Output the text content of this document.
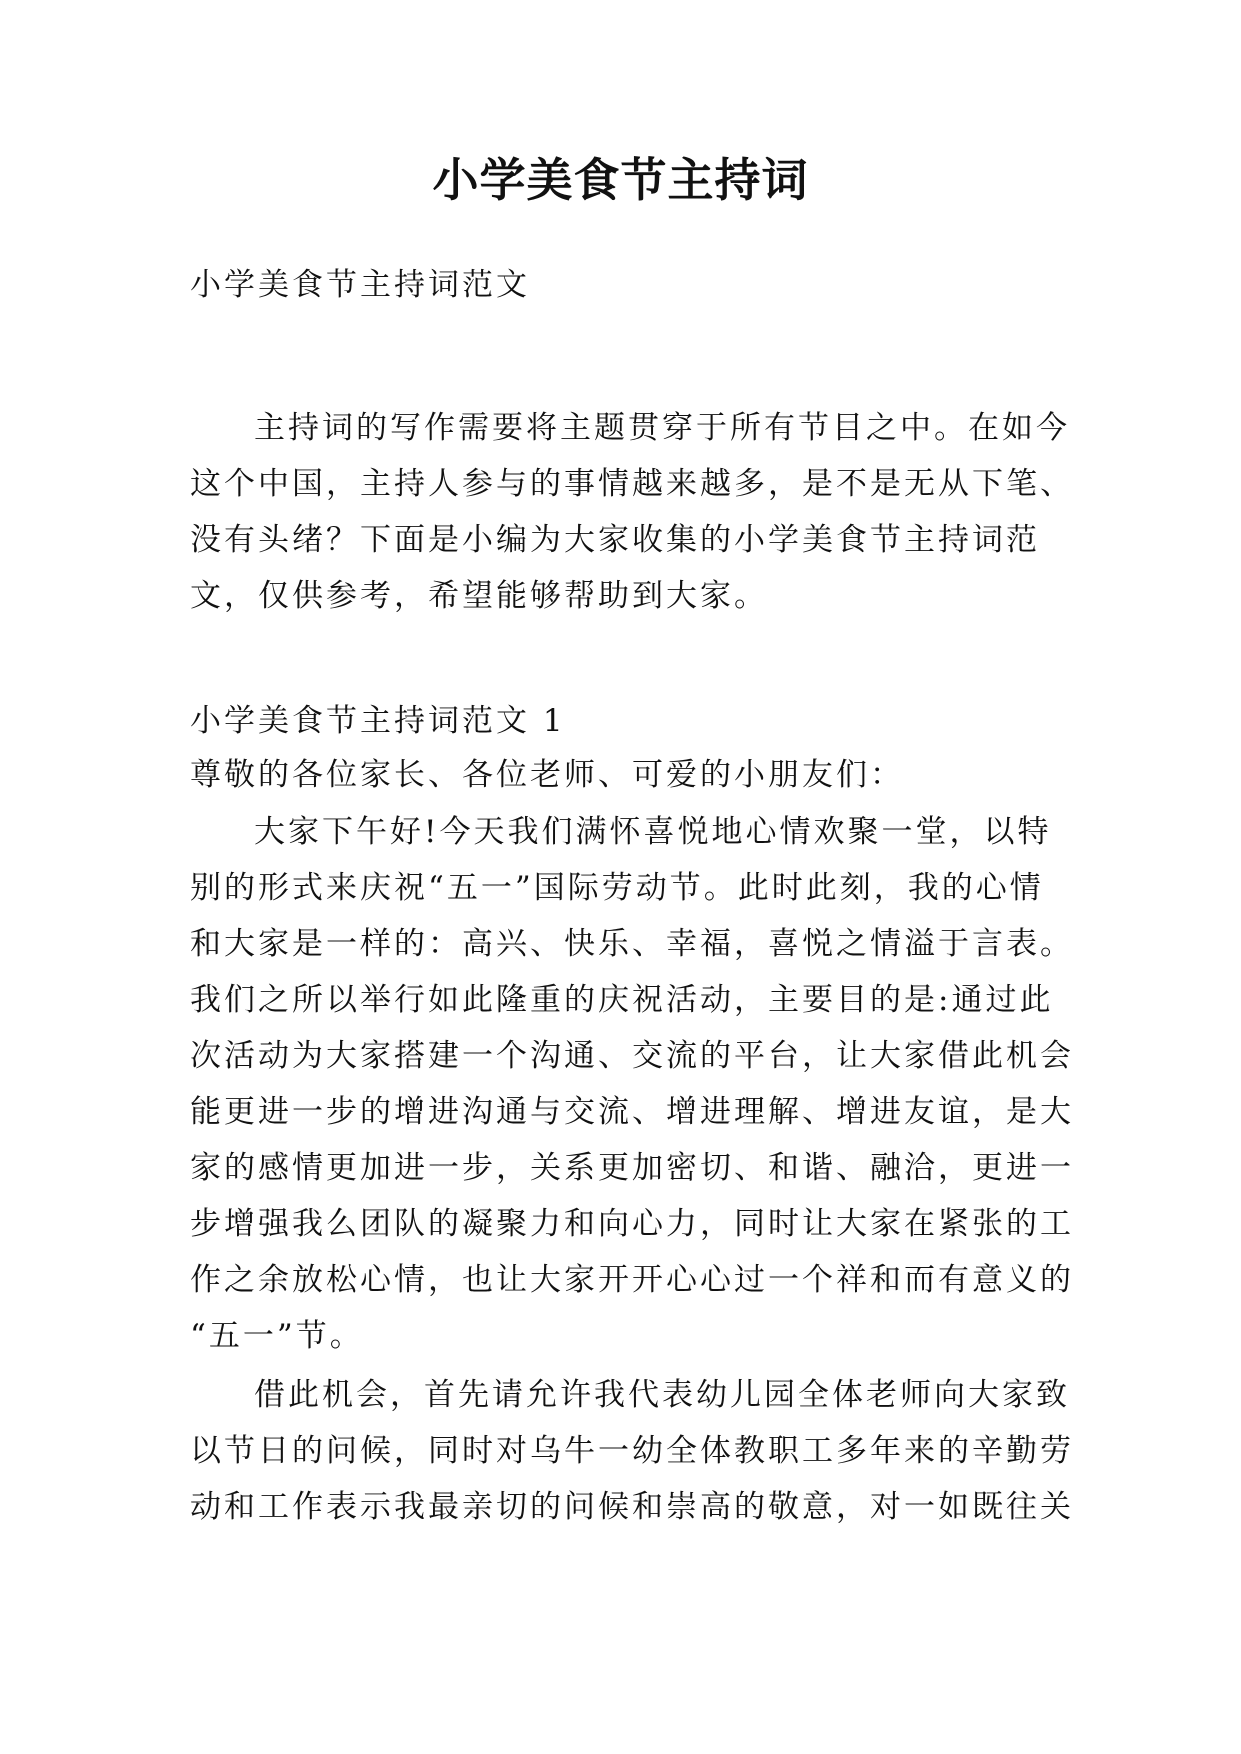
小学美食节主持词
小学美食节主持词范文
主持词的写作需要将主题贯穿于所有节目之中。在如今
这个中国，主持人参与的事情越来越多，是不是无从下笔、
没有头绪？下面是小编为大家收集的小学美食节主持词范
文，仅供参考，希望能够帮助到大家。
小学美食节主持词范文 1
尊敬的各位家长、各位老师、可爱的小朋友们：
大家下午好!今天我们满怀喜悦地心情欢聚一堂，以特
别的形式来庆祝“五一”国际劳动节。此时此刻，我的心情
和大家是一样的：高兴、快乐、幸福，喜悦之情溢于言表。
我们之所以举行如此隆重的庆祝活动，主要目的是:通过此
次活动为大家搭建一个沟通、交流的平台，让大家借此机会
能更进一步的增进沟通与交流、增进理解、增进友谊，是大
家的感情更加进一步，关系更加密切、和谐、融洽，更进一
步增强我么团队的凝聚力和向心力，同时让大家在紧张的工
作之余放松心情，也让大家开开心心过一个祥和而有意义的
“五一”节。
借此机会，首先请允许我代表幼儿园全体老师向大家致
以节日的问候，同时对乌牛一幼全体教职工多年来的辛勤劳
动和工作表示我最亲切的问候和崇高的敬意，对一如既往关
